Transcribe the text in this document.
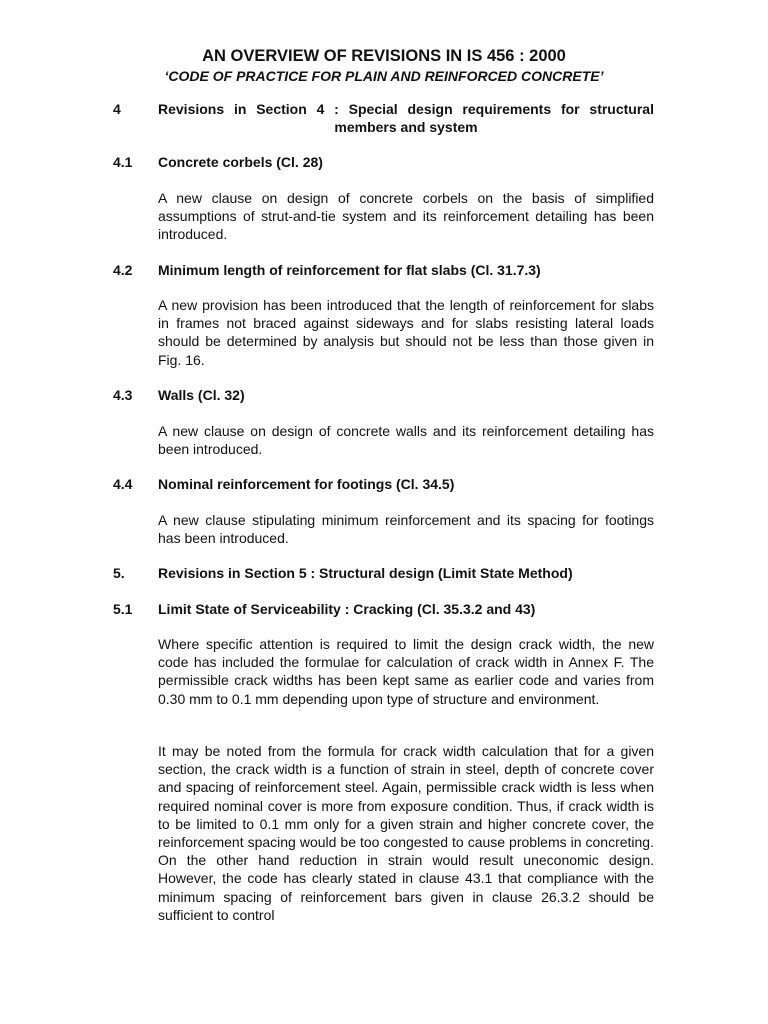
AN OVERVIEW OF REVISIONS IN IS 456 : 2000
‘CODE OF PRACTICE FOR PLAIN AND REINFORCED CONCRETE’
4	Revisions in Section 4 : Special design requirements for structural members and system
4.1 Concrete corbels (Cl. 28)
A new clause on design of concrete corbels on the basis of simplified assumptions of strut-and-tie system and its reinforcement detailing has been introduced.
4.2 Minimum length of reinforcement for flat slabs (Cl. 31.7.3)
A new provision has been introduced that the length of reinforcement for slabs in frames not braced against sideways and for slabs resisting lateral loads should be determined by analysis but should not be less than those given in Fig. 16.
4.3 Walls (Cl. 32)
A new clause on design of concrete walls and its reinforcement detailing has been introduced.
4.4 Nominal reinforcement for footings (Cl. 34.5)
A new clause stipulating minimum reinforcement and its spacing for footings has been introduced.
5. Revisions in Section 5 : Structural design (Limit State Method)
5.1 Limit State of Serviceability : Cracking (Cl. 35.3.2 and 43)
Where specific attention is required to limit the design crack width, the new code has included the formulae for calculation of crack width in Annex F. The permissible crack widths has been kept same as earlier code and varies from 0.30 mm to 0.1 mm depending upon type of structure and environment.
It may be noted from the formula for crack width calculation that for a given section, the crack width is a function of strain in steel, depth of concrete cover and spacing of reinforcement steel. Again, permissible crack width is less when required nominal cover is more from exposure condition. Thus, if crack width is to be limited to 0.1 mm only for a given strain and higher concrete cover, the reinforcement spacing would be too congested to cause problems in concreting. On the other hand reduction in strain would result uneconomic design. However, the code has clearly stated in clause 43.1 that compliance with the minimum spacing of reinforcement bars given in clause 26.3.2 should be sufficient to control
